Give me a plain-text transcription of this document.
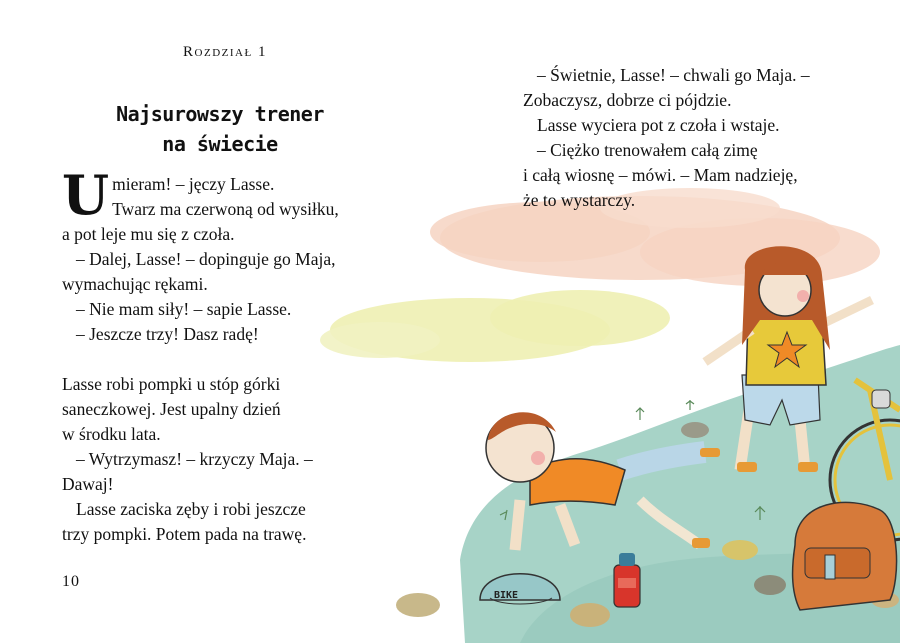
BIKE
Rozdział 1
Najsurowszy trener
na świecie

Umieram! – jęczy Lasse.

Twarz ma czerwoną od wysiłku,

a pot leje mu się z czoła.

– Dalej, Lasse! – dopinguje go Maja,

wymachując rękami.

– Nie mam siły! – sapie Lasse.

– Jeszcze trzy! Dasz radę!

Lasse robi pompki u stóp górki

saneczkowej. Jest upalny dzień

w środku lata.

– Wytrzymasz! – krzyczy Maja. –

Dawaj!

Lasse zaciska zęby i robi jeszcze

trzy pompki. Potem pada na trawę.

10

– Świetnie, Lasse! – chwali go Maja. –

Zobaczysz, dobrze ci pójdzie.

Lasse wyciera pot z czoła i wstaje.

– Ciężko trenowałem całą zimę

i całą wiosnę – mówi. – Mam nadzieję,

że to wystarczy.
